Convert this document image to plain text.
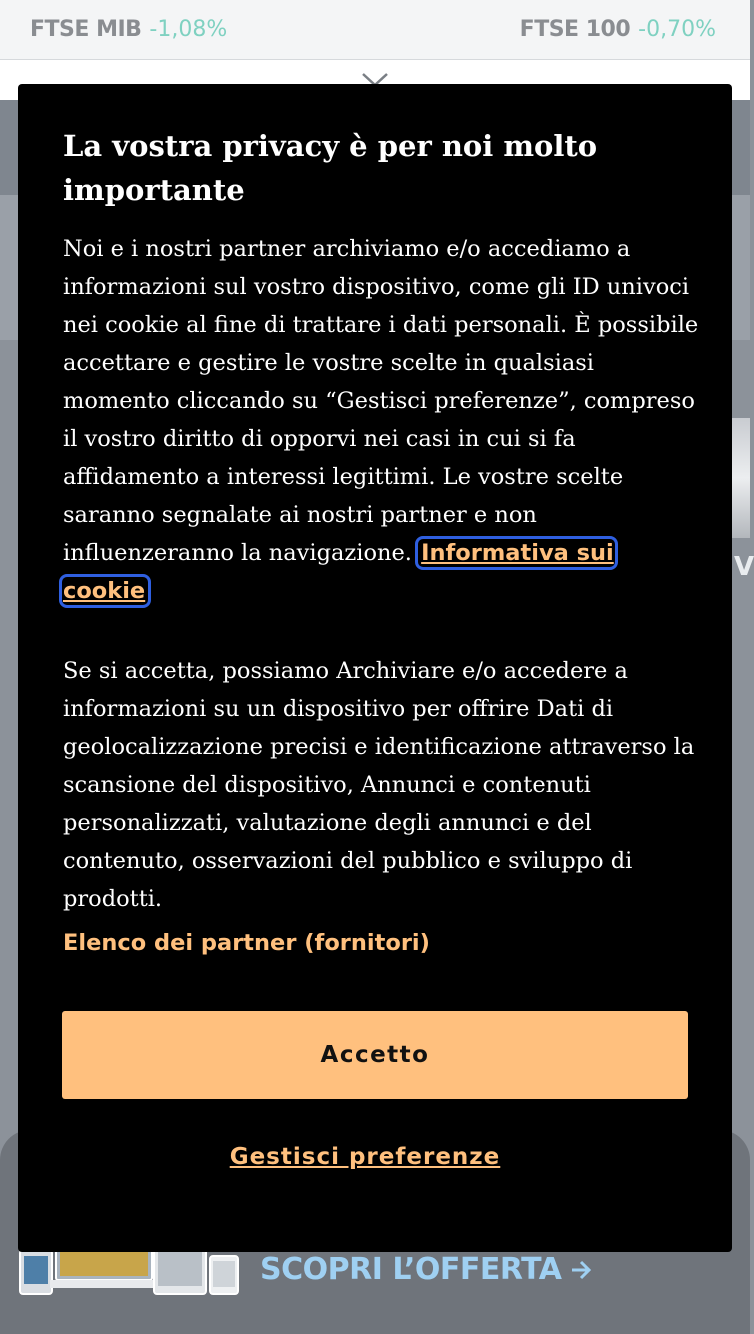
FTSE MIB -1,08%	FTSE 100 -0,70%
V
SCOPRI L’OFFERTA
La vostra privacy è per noi molto importante

Noi e i nostri partner archiviamo e/o accediamo a informazioni sul vostro dispositivo, come gli ID univoci nei cookie al fine di trattare i dati personali. È possibile accettare e gestire le vostre scelte in qualsiasi momento cliccando su “Gestisci preferenze”, compreso il vostro diritto di opporvi nei casi in cui si fa affidamento a interessi legittimi. Le vostre scelte saranno segnalate ai nostri partner e non influenzeranno la navigazione. Informativa sui cookie

Se si accetta, possiamo Archiviare e/o accedere a informazioni su un dispositivo per offrire Dati di geolocalizzazione precisi e identificazione attraverso la scansione del dispositivo, Annunci e contenuti personalizzati, valutazione degli annunci e del contenuto, osservazioni del pubblico e sviluppo di prodotti.

Elenco dei partner (fornitori)
Accetto
Gestisci preferenze
